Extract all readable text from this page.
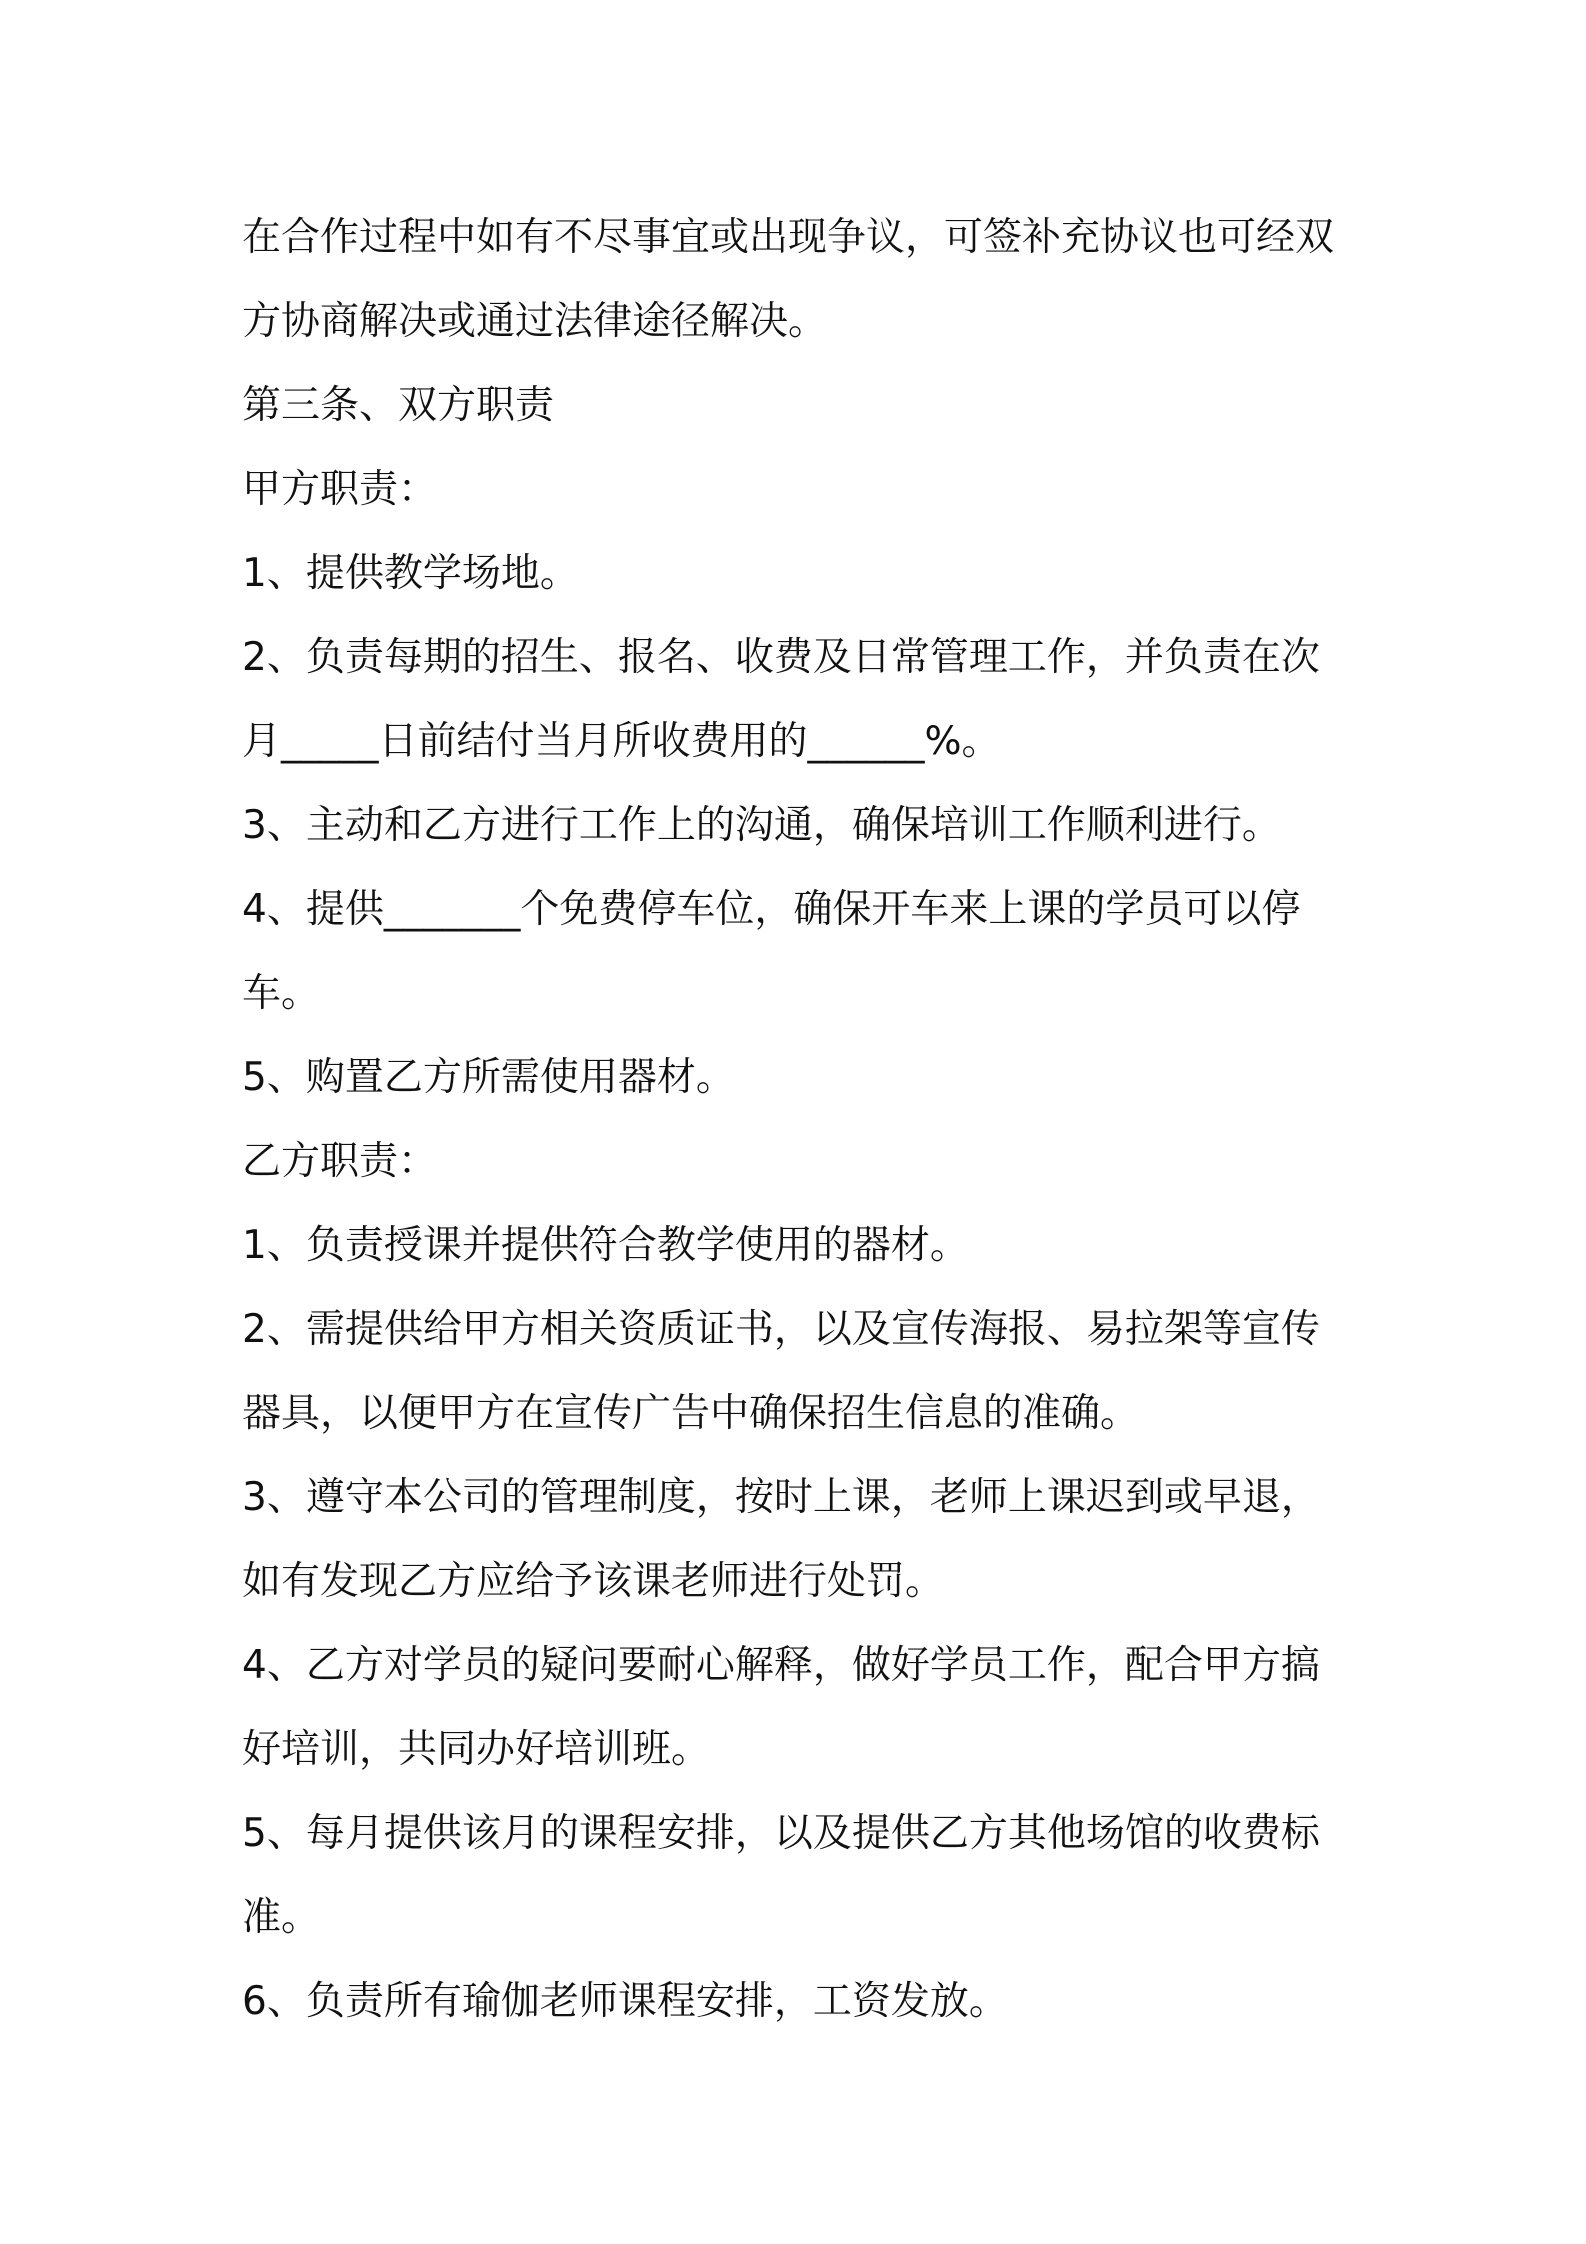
在合作过程中如有不尽事宜或出现争议，可签补充协议也可经双
方协商解决或通过法律途径解决。
第三条、双方职责
甲方职责：
1、提供教学场地。
2、负责每期的招生、报名、收费及日常管理工作，并负责在次
月_____日前结付当月所收费用的______%。
3、主动和乙方进行工作上的沟通，确保培训工作顺利进行。
4、提供_______个免费停车位，确保开车来上课的学员可以停
车。
5、购置乙方所需使用器材。
乙方职责：
1、负责授课并提供符合教学使用的器材。
2、需提供给甲方相关资质证书，以及宣传海报、易拉架等宣传
器具，以便甲方在宣传广告中确保招生信息的准确。
3、遵守本公司的管理制度，按时上课，老师上课迟到或早退，
如有发现乙方应给予该课老师进行处罚。
4、乙方对学员的疑问要耐心解释，做好学员工作，配合甲方搞
好培训，共同办好培训班。
5、每月提供该月的课程安排，以及提供乙方其他场馆的收费标
准。
6、负责所有瑜伽老师课程安排，工资发放。
